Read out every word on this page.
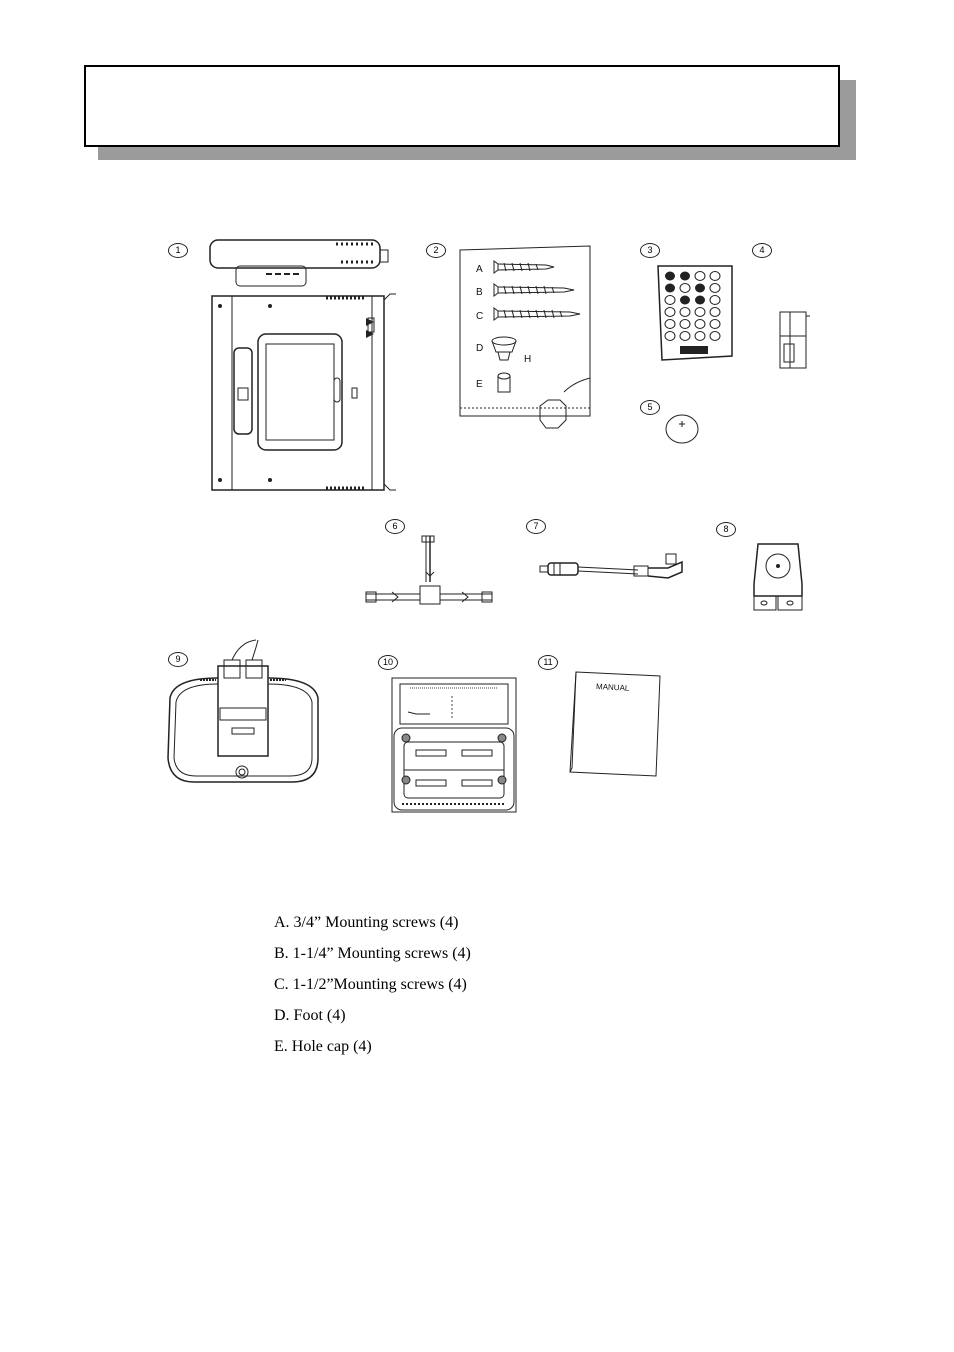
1	2
A
B
C
D
E
H
3	4
5
6	7	8
9	10	11
MANUAL
A. 3/4” Mounting screws (4)
B. 1-1/4” Mounting screws (4)
C. 1-1/2”Mounting screws (4)
D. Foot (4)
E. Hole cap (4)
